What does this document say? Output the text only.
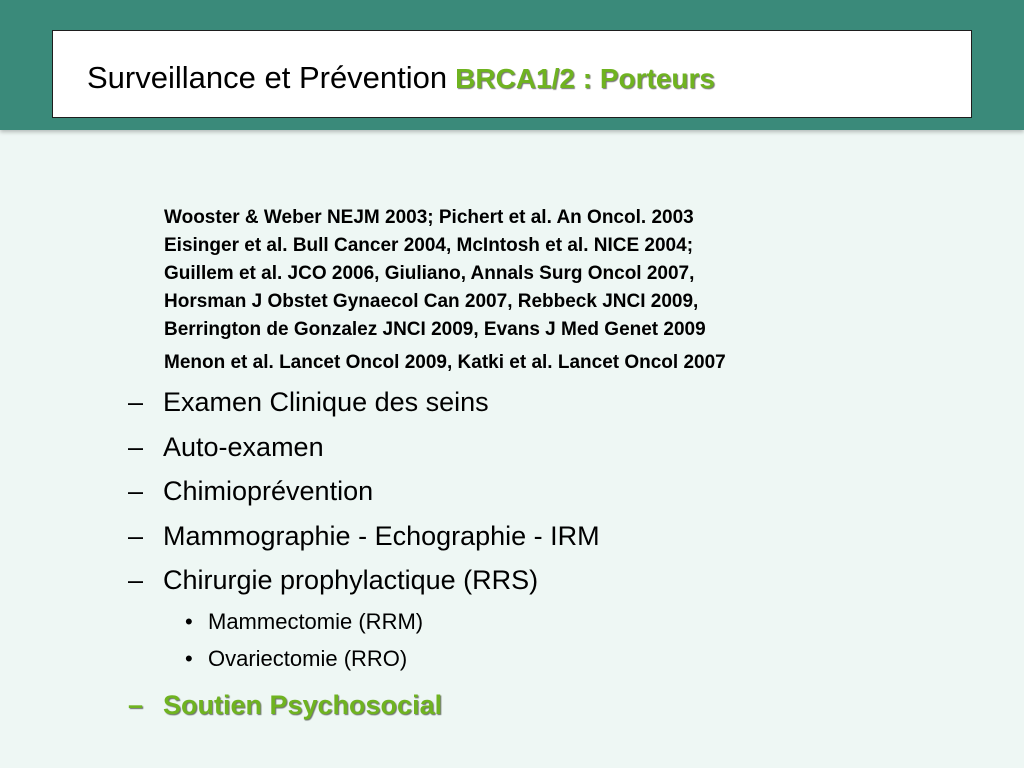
Surveillance et Prévention BRCA1/2 : Porteurs
Wooster & Weber NEJM 2003; Pichert et al. An Oncol. 2003
Eisinger et al. Bull Cancer 2004, McIntosh et al. NICE 2004;
Guillem et al. JCO 2006, Giuliano, Annals Surg Oncol 2007,
Horsman J Obstet Gynaecol Can 2007, Rebbeck JNCI 2009,
Berrington de Gonzalez JNCI 2009, Evans J Med Genet 2009
Menon et al. Lancet Oncol 2009, Katki et al. Lancet Oncol 2007
– Examen Clinique des seins
– Auto-examen
– Chimioprévention
– Mammographie - Echographie - IRM
– Chirurgie prophylactique (RRS)
• Mammectomie (RRM)
• Ovariectomie (RRO)
– Soutien Psychosocial
